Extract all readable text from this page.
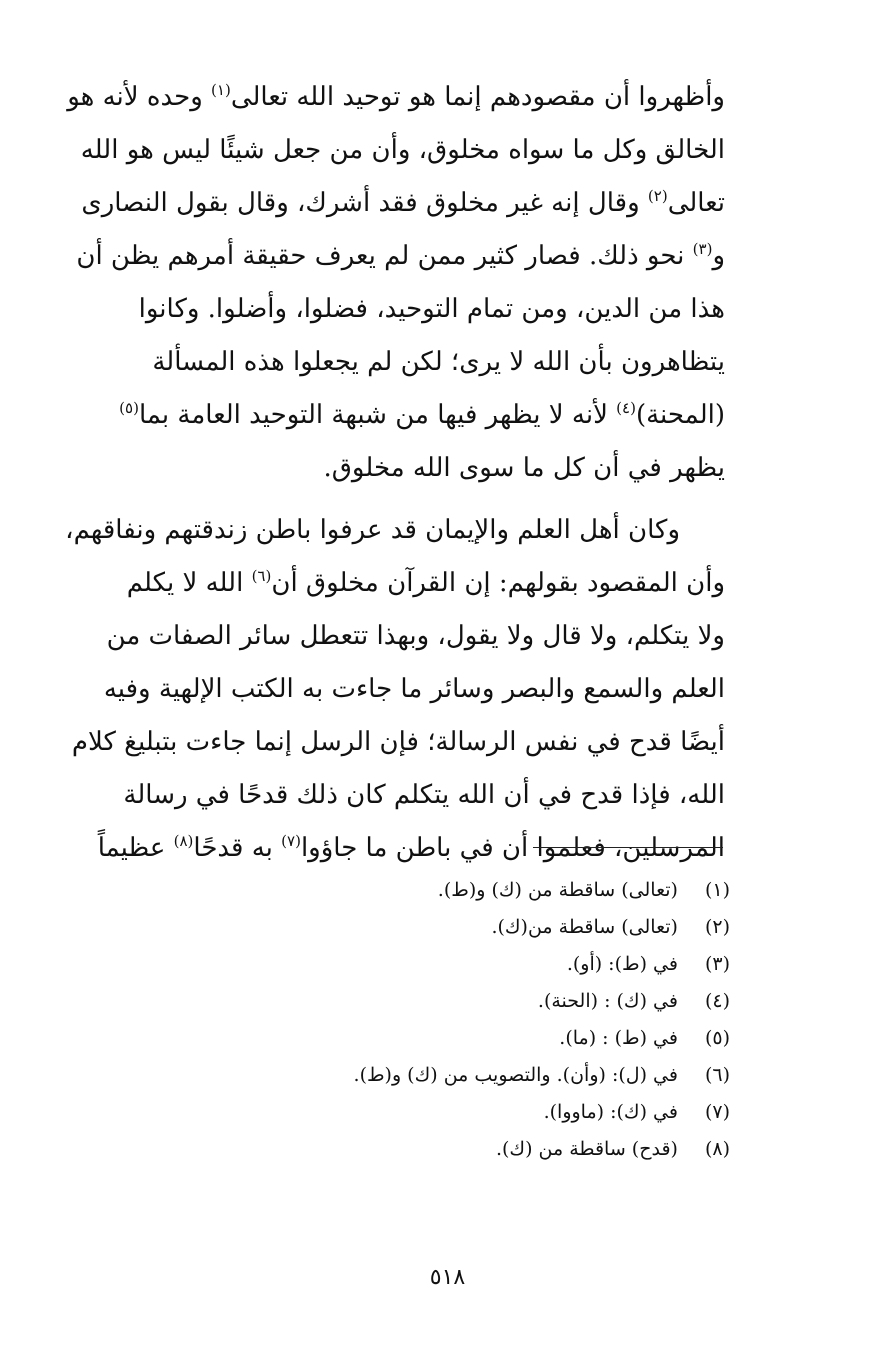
وأظهروا أن مقصودهم إنما هو توحيد الله تعالى$^{(١)}$ وحده لأنه هو
الخالق وكل ما سواه مخلوق، وأن من جعل شيئًا ليس هو الله
تعالى$^{(٢)}$ وقال إنه غير مخلوق فقد أشرك، وقال بقول النصارى
و$^{(٣)}$ نحو ذلك. فصار كثير ممن لم يعرف حقيقة أمرهم يظن أن
هذا من الدين، ومن تمام التوحيد، فضلوا، وأضلوا. وكانوا
يتظاهرون بأن الله لا يرى؛ لكن لم يجعلوا هذه المسألة
(المحنة)$^{(٤)}$ لأنه لا يظهر فيها من شبهة التوحيد العامة بما$^{(٥)}$
يظهر في أن كل ما سوى الله مخلوق.
وكان أهل العلم والإيمان قد عرفوا باطن زندقتهم ونفاقهم،
وأن المقصود بقولهم: إن القرآن مخلوق أن$^{(٦)}$ الله لا يكلم
ولا يتكلم، ولا قال ولا يقول، وبهذا تتعطل سائر الصفات من
العلم والسمع والبصر وسائر ما جاءت به الكتب الإلهية وفيه
أيضًا قدح في نفس الرسالة؛ فإن الرسل إنما جاءت بتبليغ كلام
الله، فإذا قدح في أن الله يتكلم كان ذلك قدحًا في رسالة
المرسلين، فعلموا أن في باطن ما جاؤوا$^{(٧)}$ به قدحًا$^{(٨)}$ عظيماً
(١) (تعالى) ساقطة من (ك) و(ط).
(٢) (تعالى) ساقطة من(ك).
(٣) في (ط): (أو).
(٤) في (ك) : (الحنة).
(٥) في (ط) : (ما).
(٦) في (ل): (وأن). والتصويب من (ك) و(ط).
(٧) في (ك): (ماووا).
(٨) (قدح) ساقطة من (ك).
٥١٨
